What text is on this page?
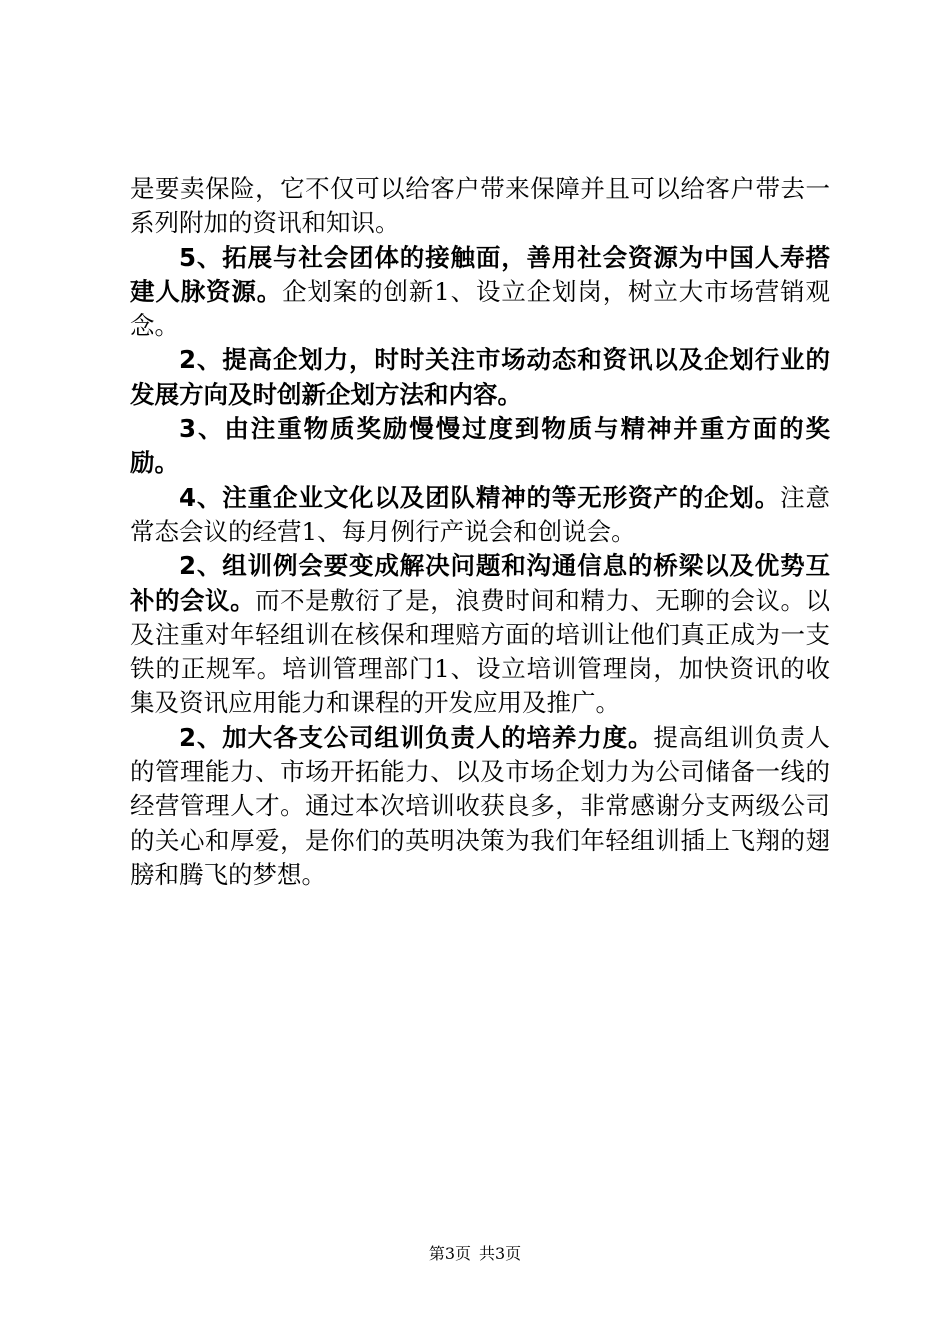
是要卖保险，它不仅可以给客户带来保障并且可以给客户带去一系列附加的资讯和知识。

5、拓展与社会团体的接触面，善用社会资源为中国人寿搭建人脉资源。企划案的创新1、设立企划岗，树立大市场营销观念。

2、提高企划力，时时关注市场动态和资讯以及企划行业的发展方向及时创新企划方法和内容。

3、由注重物质奖励慢慢过度到物质与精神并重方面的奖励。

4、注重企业文化以及团队精神的等无形资产的企划。注意常态会议的经营1、每月例行产说会和创说会。

2、组训例会要变成解决问题和沟通信息的桥梁以及优势互补的会议。而不是敷衍了是，浪费时间和精力、无聊的会议。以及注重对年轻组训在核保和理赔方面的培训让他们真正成为一支铁的正规军。培训管理部门1、设立培训管理岗，加快资讯的收集及资讯应用能力和课程的开发应用及推广。

2、加大各支公司组训负责人的培养力度。提高组训负责人的管理能力、市场开拓能力、以及市场企划力为公司储备一线的经营管理人才。通过本次培训收获良多，非常感谢分支两级公司的关心和厚爱，是你们的英明决策为我们年轻组训插上飞翔的翅膀和腾飞的梦想。

第3页 共3页
